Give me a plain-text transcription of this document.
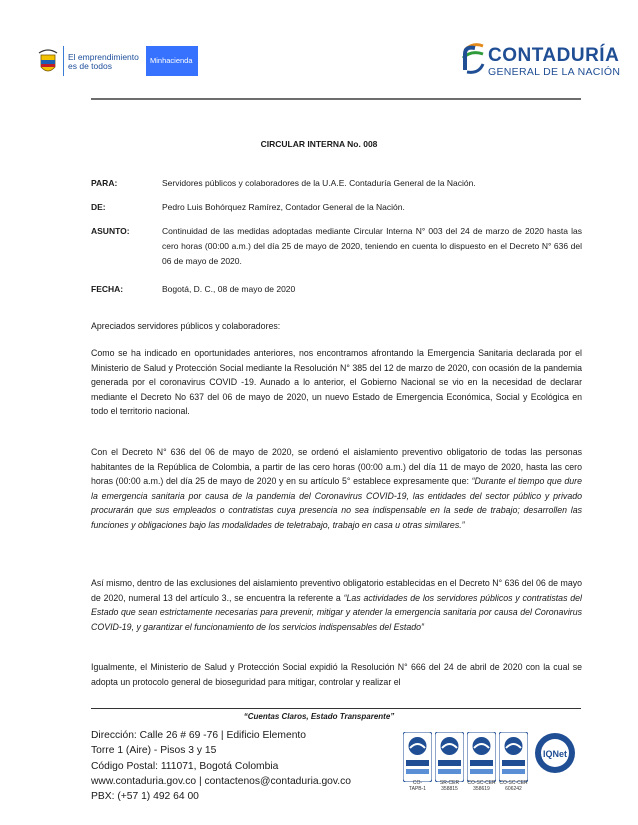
El emprendimiento
es de todos
Minhacienda	CONTADURÍA
GENERAL DE LA NACIÓN
CIRCULAR INTERNA No. 008
PARA:	Servidores públicos y colaboradores de la U.A.E. Contaduría General de la Nación.
DE:	Pedro Luis Bohórquez Ramírez, Contador General de la Nación.
ASUNTO:	Continuidad de las medidas adoptadas mediante Circular Interna N° 003 del 24 de marzo de 2020 hasta las cero horas (00:00 a.m.) del día 25 de mayo de 2020, teniendo en cuenta lo dispuesto en el Decreto N° 636 del 06 de mayo de 2020.
FECHA:	Bogotá, D. C., 08 de mayo de 2020
Apreciados servidores públicos y colaboradores:
Como se ha indicado en oportunidades anteriores, nos encontramos afrontando la Emergencia Sanitaria declarada por el Ministerio de Salud y Protección Social mediante la Resolución N° 385 del 12 de marzo de 2020, con ocasión de la pandemia generada por el coronavirus COVID -19. Aunado a lo anterior, el Gobierno Nacional se vio en la necesidad de declarar mediante el Decreto No 637 del 06 de mayo de 2020, un nuevo Estado de Emergencia Económica, Social y Ecológica en todo el territorio nacional.
Con el Decreto N° 636 del 06 de mayo de 2020, se ordenó el aislamiento preventivo obligatorio de todas las personas habitantes de la República de Colombia, a partir de las cero horas (00:00 a.m.) del día 11 de mayo de 2020, hasta las cero horas (00:00 a.m.) del día 25 de mayo de 2020 y en su artículo 5° establece expresamente que: “Durante el tiempo que dure la emergencia sanitaria por causa de la pandemia del Coronavirus COVID-19, las entidades del sector público y privado procurarán que sus empleados o contratistas cuya presencia no sea indispensable en la sede de trabajo; desarrollen las funciones y obligaciones bajo las modalidades de teletrabajo, trabajo en casa u otras similares.”
Así mismo, dentro de las exclusiones del aislamiento preventivo obligatorio establecidas en el Decreto N° 636 del 06 de mayo de 2020, numeral 13 del artículo 3., se encuentra la referente a “Las actividades de los servidores públicos y contratistas del Estado que sean estrictamente necesarias para prevenir, mitigar y atender la emergencia sanitaria por causa del Coronavirus COVID-19, y garantizar el funcionamiento de los servicios indispensables del Estado”
Igualmente, el Ministerio de Salud y Protección Social expidió la Resolución N° 666 del 24 de abril de 2020 con la cual se adopta un protocolo general de bioseguridad para mitigar, controlar y realizar el
“Cuentas Claros, Estado Transparente”
Dirección: Calle 26 # 69 -76 | Edificio Elemento
Torre 1 (Aire) - Pisos 3 y 15
Código Postal: 111071, Bogotá Colombia
www.contaduria.gov.co | contactenos@contaduria.gov.co
PBX: (+57 1) 492 64 00
CO-
TAPB-1
SR-CER
358815
CO-SC-CER
358619
CO-SC-CER
606242
IQNet
